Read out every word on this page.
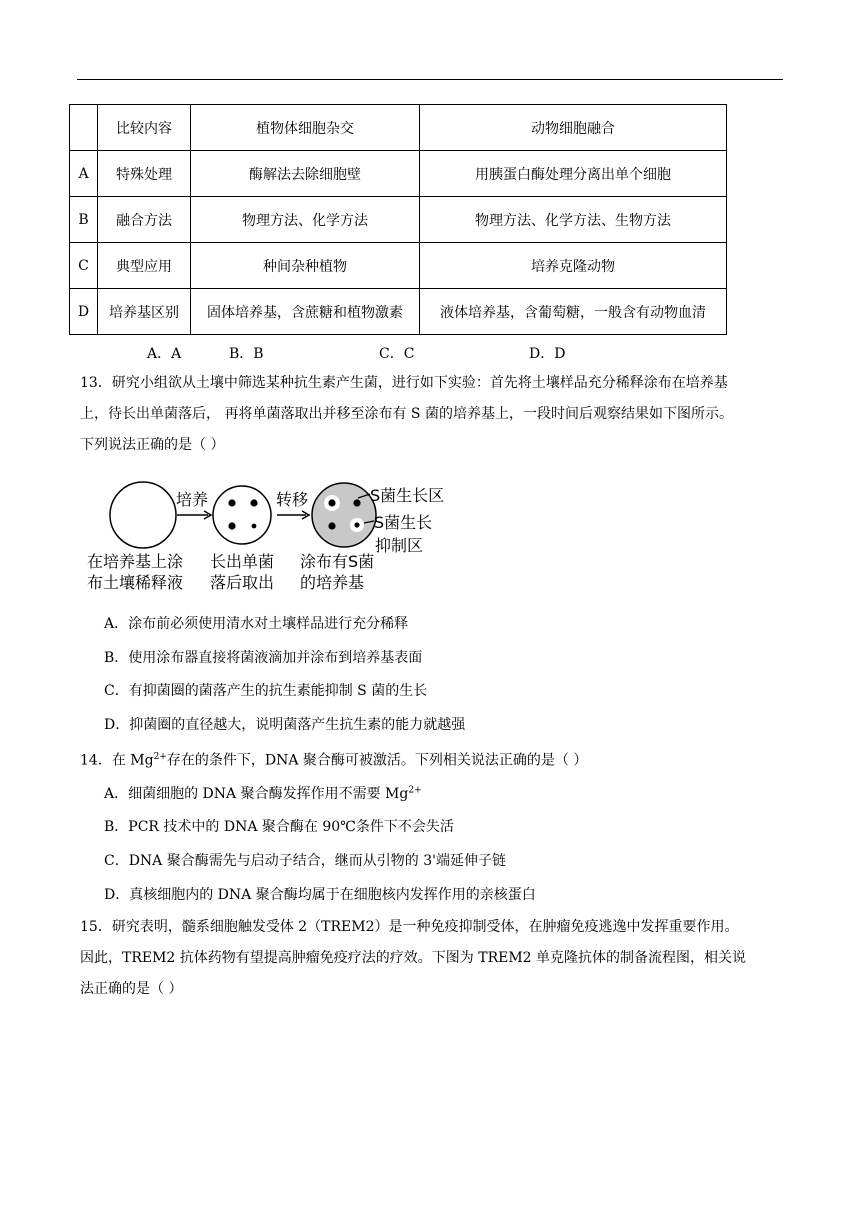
	比较内容	植物体细胞杂交	动物细胞融合
A	特殊处理	酶解法去除细胞壁	用胰蛋白酶处理分离出单个细胞
B	融合方法	物理方法、化学方法	物理方法、化学方法、生物方法
C	典型应用	种间杂种植物	培养克隆动物
D	培养基区别	固体培养基，含蔗糖和植物激素	液体培养基，含葡萄糖，一般含有动物血清
A．A	B．B	C．C	D．D
13．研究小组欲从土壤中筛选某种抗生素产生菌，进行如下实验：首先将土壤样品充分稀释涂布在培养基
上，待长出单菌落后， 再将单菌落取出并移至涂布有 S 菌的培养基上，一段时间后观察结果如下图所示。
下列说法正确的是（ ）
培养	转移	S菌生长区
S菌生长
抑制区
在培养基上涂
布土壤稀释液
长出单菌
落后取出
涂布有S菌
的培养基
A．涂布前必须使用清水对土壤样品进行充分稀释
B．使用涂布器直接将菌液滴加并涂布到培养基表面
C．有抑菌圈的菌落产生的抗生素能抑制 S 菌的生长
D．抑菌圈的直径越大，说明菌落产生抗生素的能力就越强
14．在 $Mg^{2+}$存在的条件下，DNA 聚合酶可被激活。下列相关说法正确的是（ ）
A．细菌细胞的 DNA 聚合酶发挥作用不需要 $Mg^{2+}$
B．PCR 技术中的 DNA 聚合酶在 90℃条件下不会失活
C．DNA 聚合酶需先与启动子结合，继而从引物的 3'端延伸子链
D．真核细胞内的 DNA 聚合酶均属于在细胞核内发挥作用的亲核蛋白
15．研究表明，髓系细胞触发受体 2（TREM2）是一种免疫抑制受体，在肿瘤免疫逃逸中发挥重要作用。
因此，TREM2 抗体药物有望提高肿瘤免疫疗法的疗效。下图为 TREM2 单克隆抗体的制备流程图，相关说
法正确的是（ ）
